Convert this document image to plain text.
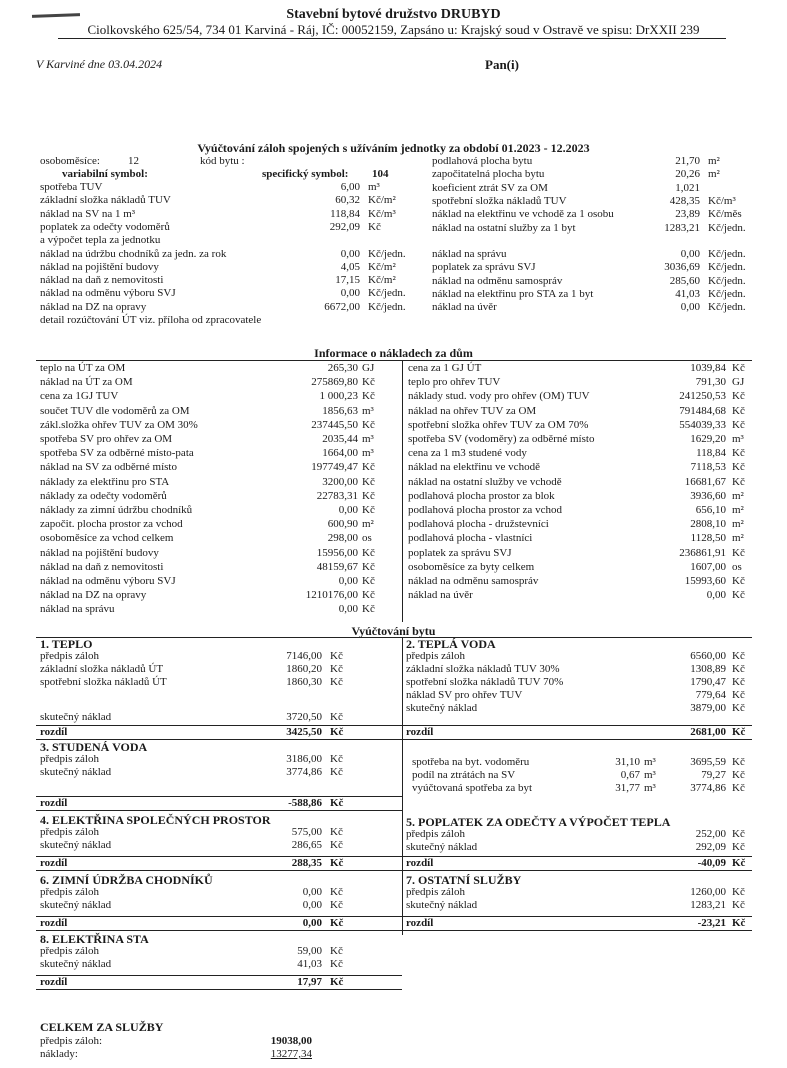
Stavební bytové družstvo DRUBYD
Ciolkovského 625/54, 734 01 Karviná - Ráj, IČ: 00052159, Zapsáno u: Krajský soud v Ostravě ve spisu: DrXXII 239
V Karviné dne 03.04.2024	Pan(i)
Vyúčtování záloh spojených s užíváním jednotky za období 01.2023 - 12.2023
osoboměsíce:	12	kód bytu :
variabilní symbol:	specifický symbol: 104
spotřeba TUV	6,00 m³
základní složka nákladů TUV	60,32 Kč/m²
náklad na SV na 1 m³	118,84 Kč/m³
poplatek za odečty vodoměrů	292,09 Kč
a výpočet tepla za jednotku
náklad na údržbu chodníků za jedn. za rok	0,00 Kč/jedn.
náklad na pojištění budovy	4,05 Kč/m²
náklad na daň z nemovitosti	17,15 Kč/m²
náklad na odměnu výboru SVJ	0,00 Kč/jedn.
náklad na DZ na opravy	6672,00 Kč/jedn.
detail rozúčtování ÚT viz. příloha od zpracovatele
podlahová plocha bytu	21,70 m²
započitatelná plocha bytu	20,26 m²
koeficient ztrát SV za OM	1,021
spotřební složka nákladů TUV	428,35 Kč/m³
náklad na elektřinu ve vchodě za 1 osobu	23,89 Kč/měs
náklad na ostatní služby za 1 byt	1283,21 Kč/jedn.
náklad na správu	0,00 Kč/jedn.
poplatek za správu SVJ	3036,69 Kč/jedn.
náklad na odměnu samospráv	285,60 Kč/jedn.
náklad na elektřinu pro STA za 1 byt	41,03 Kč/jedn.
náklad na úvěr	0,00 Kč/jedn.
Informace o nákladech za dům
teplo na ÚT za OM	265,30 GJ
náklad na ÚT za OM	275869,80 Kč
cena za 1GJ TUV	1 000,23 Kč
součet TUV dle vodoměrů za OM	1856,63 m³
zákl.složka ohřev TUV za OM 30%	237445,50 Kč
spotřeba SV pro ohřev za OM	2035,44 m³
spotřeba SV za odběrné místo-pata	1664,00 m³
náklad na SV za odběrné místo	197749,47 Kč
náklady za elektřinu pro STA	3200,00 Kč
náklady za odečty vodoměrů	22783,31 Kč
náklady za zimní údržbu chodníků	0,00 Kč
započit. plocha prostor za vchod	600,90 m²
osoboměsíce za vchod celkem	298,00 os
náklad na pojištění budovy	15956,00 Kč
náklad na daň z nemovitosti	48159,67 Kč
náklad na odměnu výboru SVJ	0,00 Kč
náklad na DZ na opravy	1210176,00 Kč
náklad na správu	0,00 Kč
cena za 1 GJ ÚT	1039,84 Kč
teplo pro ohřev TUV	791,30 GJ
náklady stud. vody pro ohřev (OM) TUV	241250,53 Kč
náklad na ohřev TUV za OM	791484,68 Kč
spotřební složka ohřev TUV za OM 70%	554039,33 Kč
spotřeba SV (vodoměry) za odběrné místo	1629,20 m³
cena za 1 m3 studené vody	118,84 Kč
náklad na elektřinu ve vchodě	7118,53 Kč
náklad na ostatní služby ve vchodě	16681,67 Kč
podlahová plocha prostor za blok	3936,60 m²
podlahová plocha prostor za vchod	656,10 m²
podlahová plocha - družstevníci	2808,10 m²
podlahová plocha - vlastníci	1128,50 m²
poplatek za správu SVJ	236861,91 Kč
osoboměsíce za byty celkem	1607,00 os
náklad na odměnu samospráv	15993,60 Kč
náklad na úvěr	0,00 Kč
Vyúčtování bytu
1. TEPLO
předpis záloh	7146,00 Kč
základní složka nákladů ÚT	1860,20 Kč
spotřební složka nákladů ÚT	1860,30 Kč
skutečný náklad	3720,50 Kč
rozdíl	3425,50 Kč
2. TEPLÁ VODA
předpis záloh	6560,00 Kč
základní složka nákladů TUV 30%	1308,89 Kč
spotřební složka nákladů TUV 70%	1790,47 Kč
náklad SV pro ohřev TUV	779,64 Kč
skutečný náklad	3879,00 Kč
rozdíl	2681,00 Kč
3. STUDENÁ VODA
předpis záloh	3186,00 Kč
skutečný náklad	3774,86 Kč
rozdíl	-588,86 Kč
spotřeba na byt. vodoměru	31,10 m³	3695,59 Kč
podíl na ztrátách na SV	0,67 m³	79,27 Kč
vyúčtovaná spotřeba za byt	31,77 m³	3774,86 Kč
4. ELEKTŘINA SPOLEČNÝCH PROSTOR
předpis záloh	575,00 Kč
skutečný náklad	286,65 Kč
rozdíl	288,35 Kč
5. POPLATEK ZA ODEČTY A VÝPOČET TEPLA
předpis záloh	252,00 Kč
skutečný náklad	292,09 Kč
rozdíl	-40,09 Kč
6. ZIMNÍ ÚDRŽBA CHODNÍKŮ
předpis záloh	0,00 Kč
skutečný náklad	0,00 Kč
rozdíl	0,00 Kč
7. OSTATNÍ SLUŽBY
předpis záloh	1260,00 Kč
skutečný náklad	1283,21 Kč
rozdíl	-23,21 Kč
8. ELEKTŘINA STA
předpis záloh	59,00 Kč
skutečný náklad	41,03 Kč
rozdíl	17,97 Kč
CELKEM ZA SLUŽBY
předpis záloh:	19038,00
náklady:	13277,34
